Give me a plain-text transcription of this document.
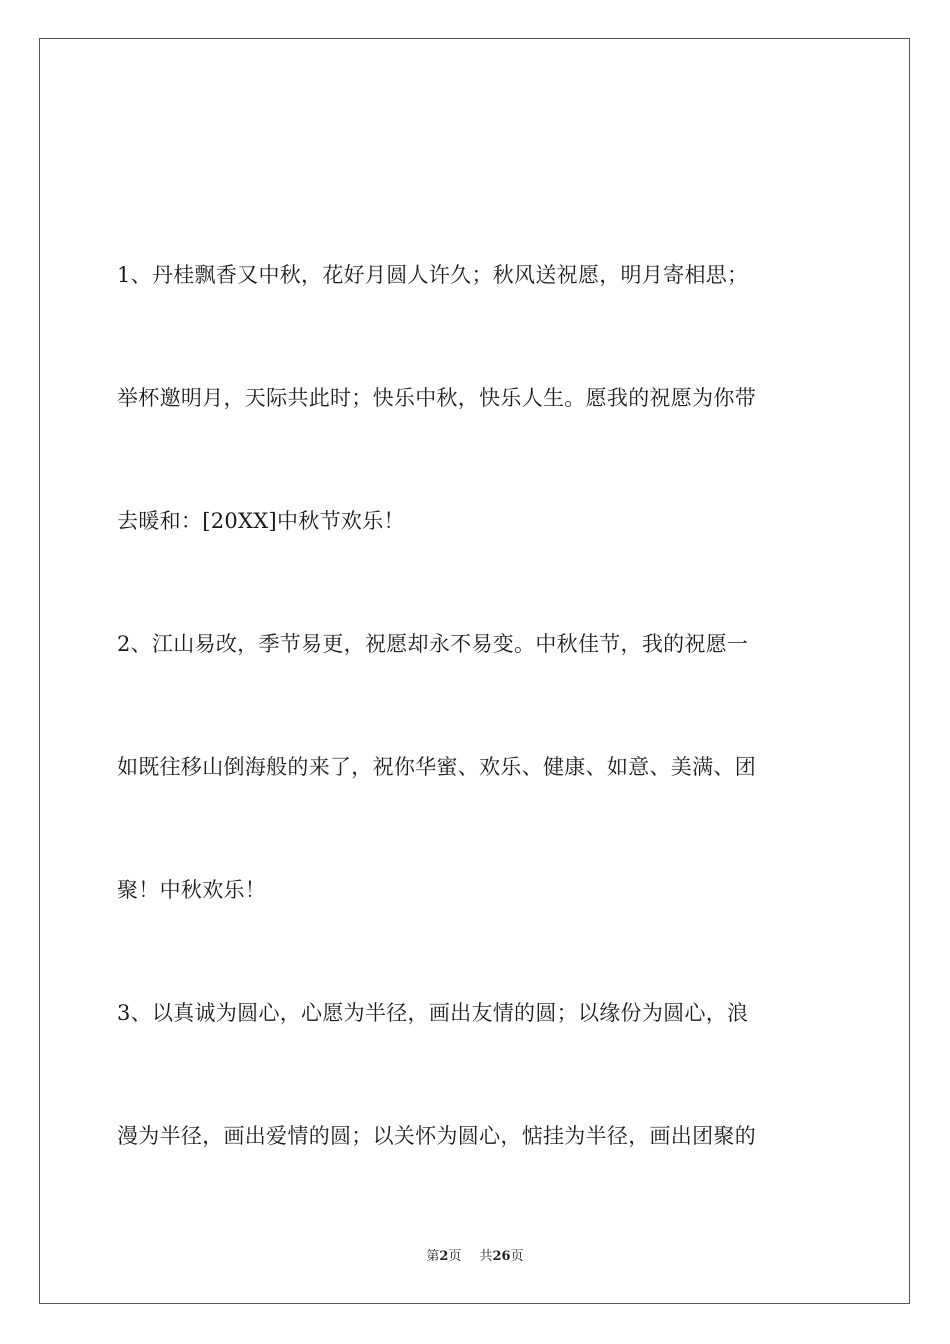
1、丹桂飘香又中秋，花好月圆人许久；秋风送祝愿，明月寄相思；
举杯邀明月，天际共此时；快乐中秋，快乐人生。愿我的祝愿为你带
去暖和：[20XX]中秋节欢乐！
2、江山易改，季节易更，祝愿却永不易变。中秋佳节，我的祝愿一
如既往移山倒海般的来了，祝你华蜜、欢乐、健康、如意、美满、团
聚！中秋欢乐！
3、以真诚为圆心，心愿为半径，画出友情的圆；以缘份为圆心，浪
漫为半径，画出爱情的圆；以关怀为圆心，惦挂为半径，画出团聚的
第2页 共26页
